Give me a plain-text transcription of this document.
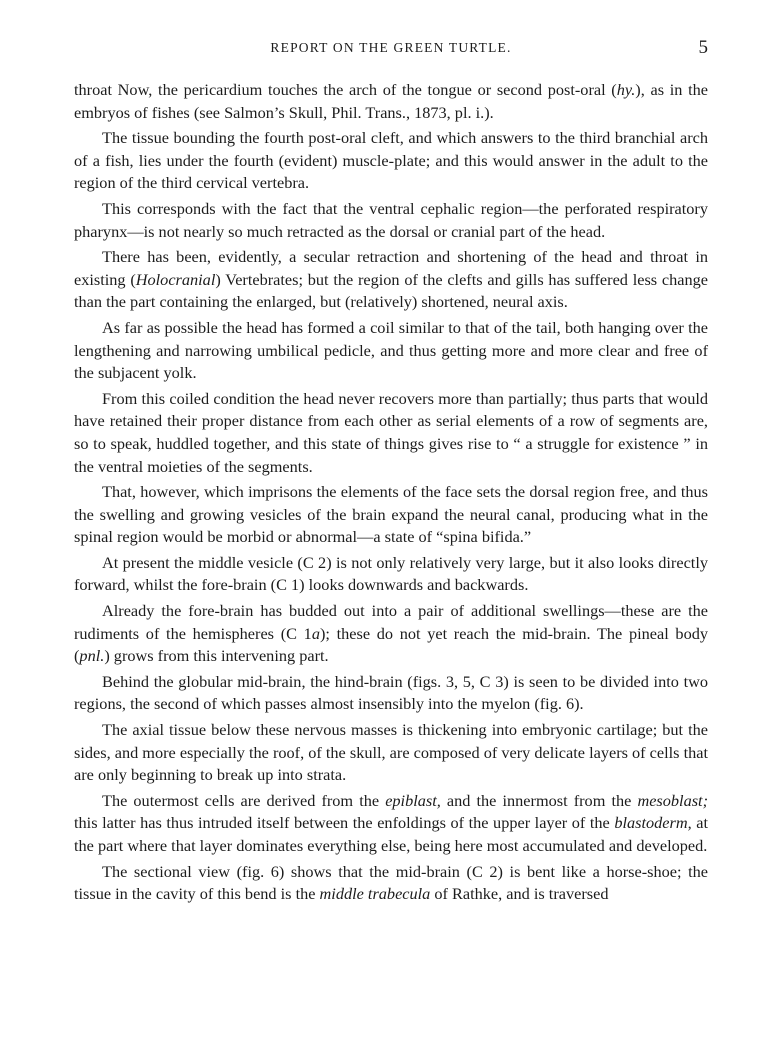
REPORT ON THE GREEN TURTLE.	5

throat Now, the pericardium touches the arch of the tongue or second post-oral (hy.), as in the embryos of fishes (see Salmon’s Skull, Phil. Trans., 1873, pl. i.).

The tissue bounding the fourth post-oral cleft, and which answers to the third branchial arch of a fish, lies under the fourth (evident) muscle-plate; and this would answer in the adult to the region of the third cervical vertebra.

This corresponds with the fact that the ventral cephalic region—the perforated respiratory pharynx—is not nearly so much retracted as the dorsal or cranial part of the head.

There has been, evidently, a secular retraction and shortening of the head and throat in existing (Holocranial) Vertebrates; but the region of the clefts and gills has suffered less change than the part containing the enlarged, but (relatively) shortened, neural axis.

As far as possible the head has formed a coil similar to that of the tail, both hanging over the lengthening and narrowing umbilical pedicle, and thus getting more and more clear and free of the subjacent yolk.

From this coiled condition the head never recovers more than partially; thus parts that would have retained their proper distance from each other as serial elements of a row of segments are, so to speak, huddled together, and this state of things gives rise to “ a struggle for existence ” in the ventral moieties of the segments.

That, however, which imprisons the elements of the face sets the dorsal region free, and thus the swelling and growing vesicles of the brain expand the neural canal, producing what in the spinal region would be morbid or abnormal—a state of “spina bifida.”

At present the middle vesicle (C 2) is not only relatively very large, but it also looks directly forward, whilst the fore-brain (C 1) looks downwards and backwards.

Already the fore-brain has budded out into a pair of additional swellings—these are the rudiments of the hemispheres (C 1a); these do not yet reach the mid-brain. The pineal body (pnl.) grows from this intervening part.

Behind the globular mid-brain, the hind-brain (figs. 3, 5, C 3) is seen to be divided into two regions, the second of which passes almost insensibly into the myelon (fig. 6).

The axial tissue below these nervous masses is thickening into embryonic cartilage; but the sides, and more especially the roof, of the skull, are composed of very delicate layers of cells that are only beginning to break up into strata.

The outermost cells are derived from the epiblast, and the innermost from the mesoblast; this latter has thus intruded itself between the enfoldings of the upper layer of the blastoderm, at the part where that layer dominates everything else, being here most accumulated and developed.

The sectional view (fig. 6) shows that the mid-brain (C 2) is bent like a horse-shoe; the tissue in the cavity of this bend is the middle trabecula of Rathke, and is traversed
